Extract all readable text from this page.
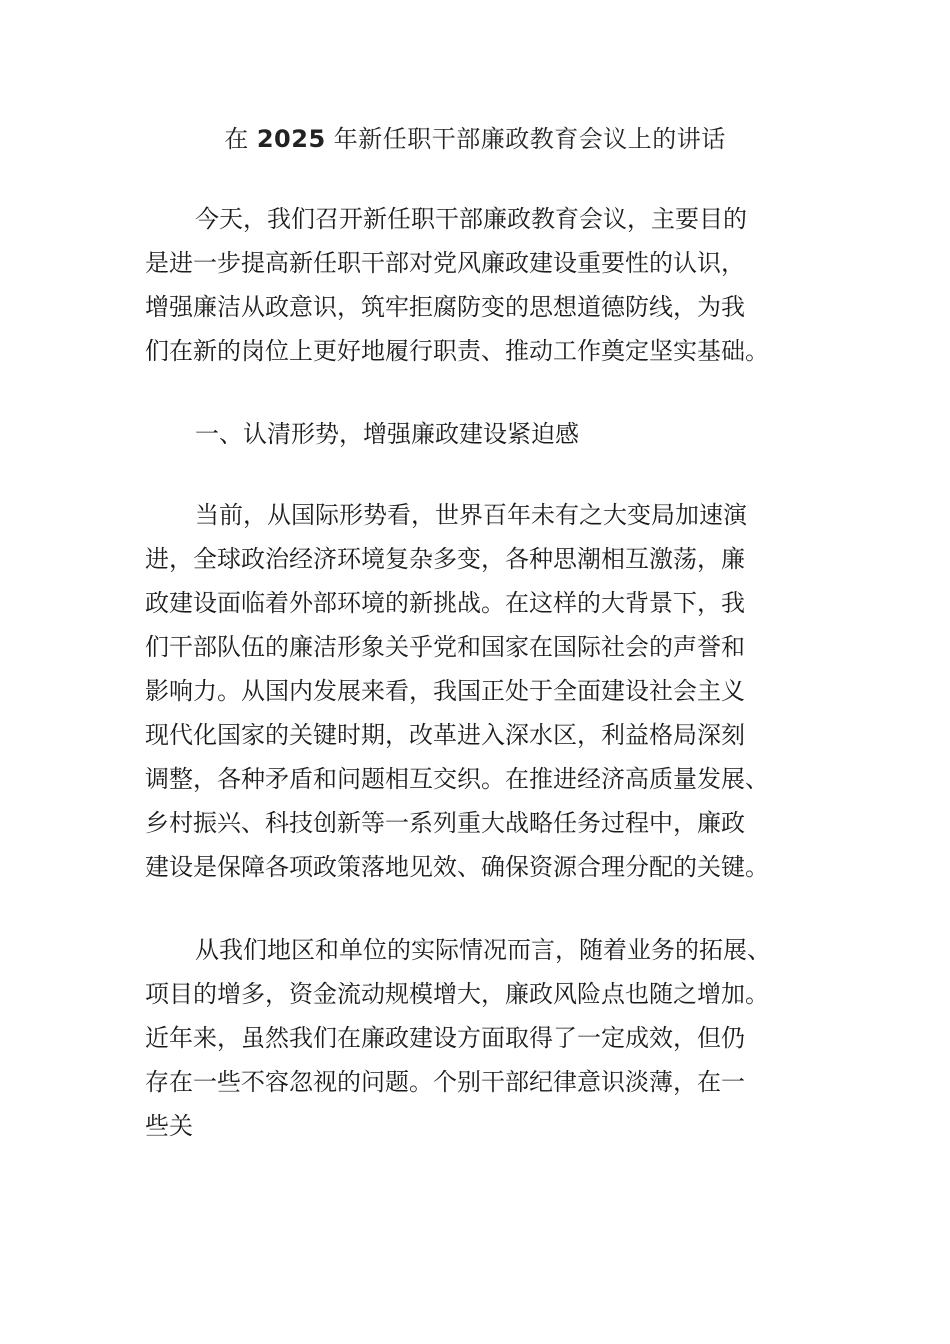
在 2025 年新任职干部廉政教育会议上的讲话
今天，我们召开新任职干部廉政教育会议，主要目的
是进一步提高新任职干部对党风廉政建设重要性的认识，
增强廉洁从政意识，筑牢拒腐防变的思想道德防线，为我
们在新的岗位上更好地履行职责、推动工作奠定坚实基础。
一、认清形势，增强廉政建设紧迫感
当前，从国际形势看，世界百年未有之大变局加速演
进，全球政治经济环境复杂多变，各种思潮相互激荡，廉
政建设面临着外部环境的新挑战。在这样的大背景下，我
们干部队伍的廉洁形象关乎党和国家在国际社会的声誉和
影响力。从国内发展来看，我国正处于全面建设社会主义
现代化国家的关键时期，改革进入深水区，利益格局深刻
调整，各种矛盾和问题相互交织。在推进经济高质量发展、
乡村振兴、科技创新等一系列重大战略任务过程中，廉政
建设是保障各项政策落地见效、确保资源合理分配的关键。
从我们地区和单位的实际情况而言，随着业务的拓展、
项目的增多，资金流动规模增大，廉政风险点也随之增加。
近年来，虽然我们在廉政建设方面取得了一定成效，但仍
存在一些不容忽视的问题。个别干部纪律意识淡薄，在一
些关
